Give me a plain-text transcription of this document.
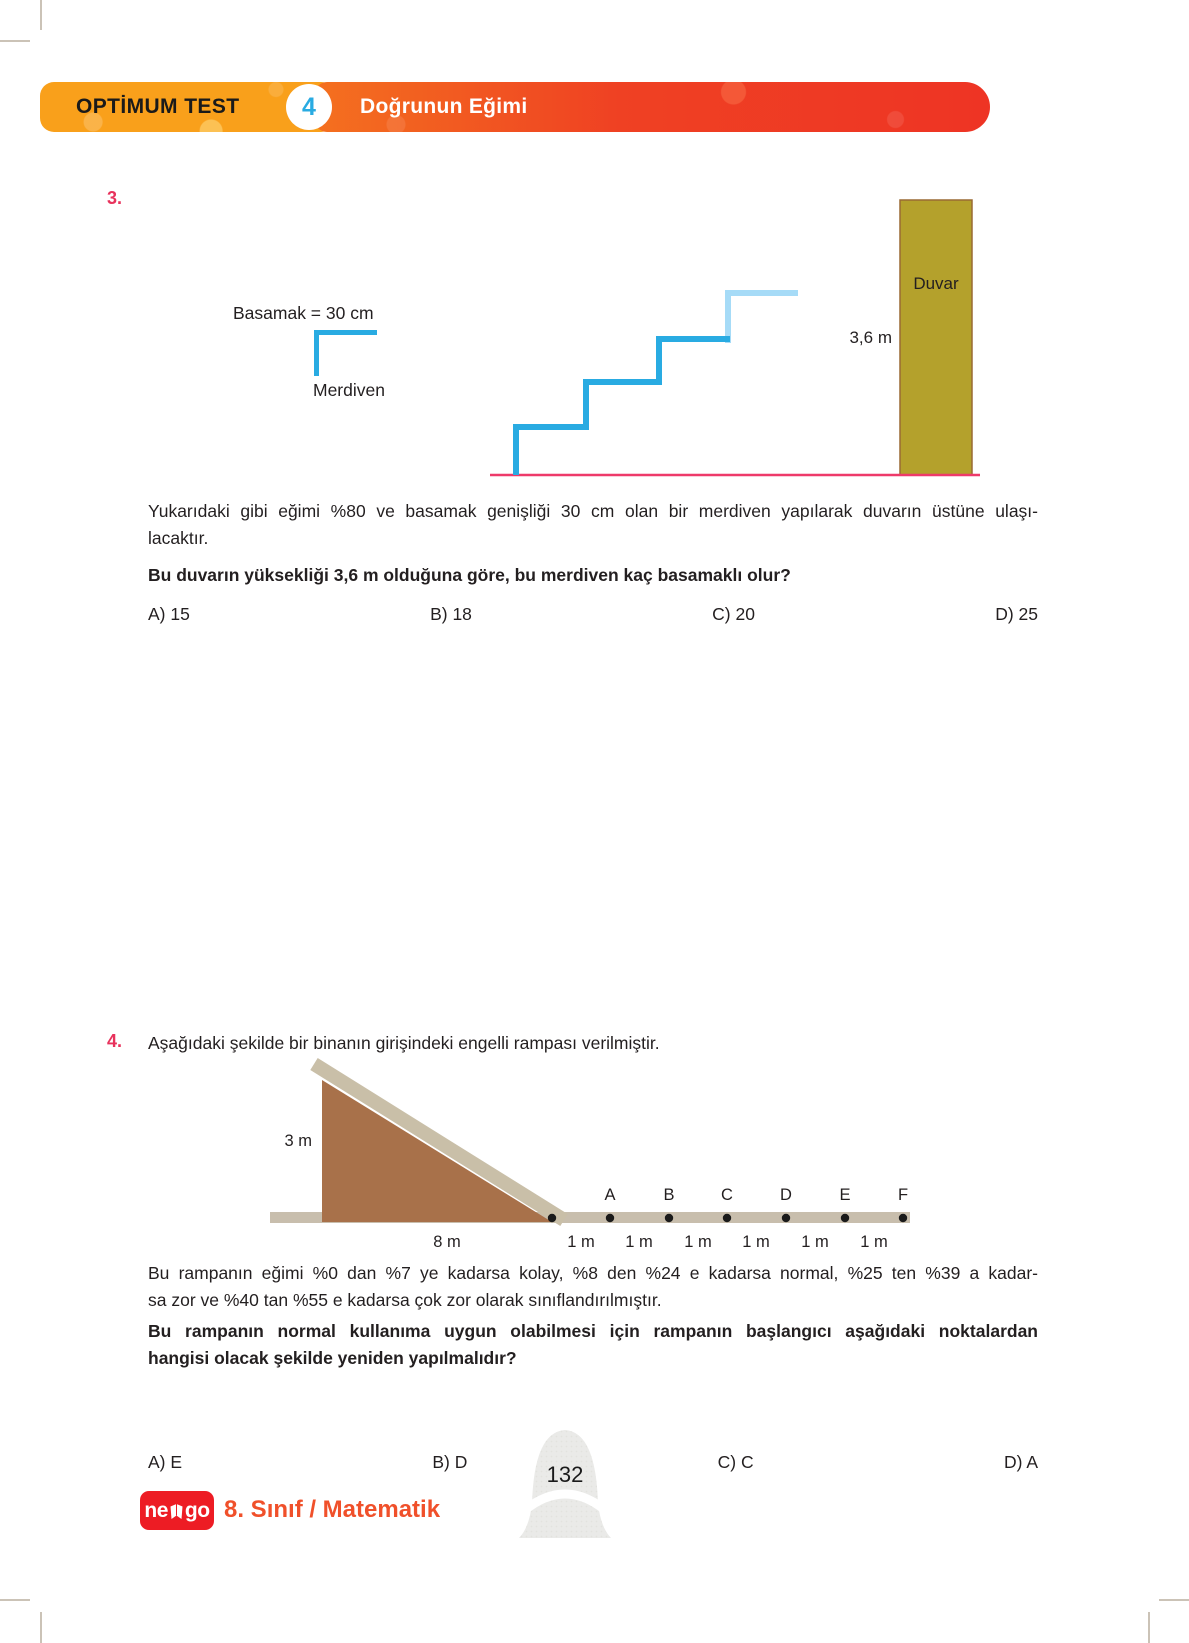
OPTİMUM TEST	Doğrunun Eğimi
4
3.
Basamak = 30 cm
Merdiven
Duvar
3,6 m
Yukarıdaki gibi eğimi %80 ve basamak genişliği 30 cm olan bir merdiven yapılarak duvarın üstüne ulaşı-
lacaktır.
Bu duvarın yüksekliği 3,6 m olduğuna göre, bu merdiven kaç basamaklı olur?
A) 15	B) 18	C) 20	D) 25
4. Aşağıdaki şekilde bir binanın girişindeki engelli rampası verilmiştir.
A	B	C	D	E	F
8 m	1 m 1 m 1 m 1 m 1 m 1 m
3 m
Bu rampanın eğimi %0 dan %7 ye kadarsa kolay, %8 den %24 e kadarsa normal, %25 ten %39 a kadar-
sa zor ve %40 tan %55 e kadarsa çok zor olarak sınıflandırılmıştır.
Bu rampanın normal kullanıma uygun olabilmesi için rampanın başlangıcı aşağıdaki noktalardan
hangisi olacak şekilde yeniden yapılmalıdır?
A) E	B) D	C) C	D) A
ne go 8. Sınıf / Matematik
132
